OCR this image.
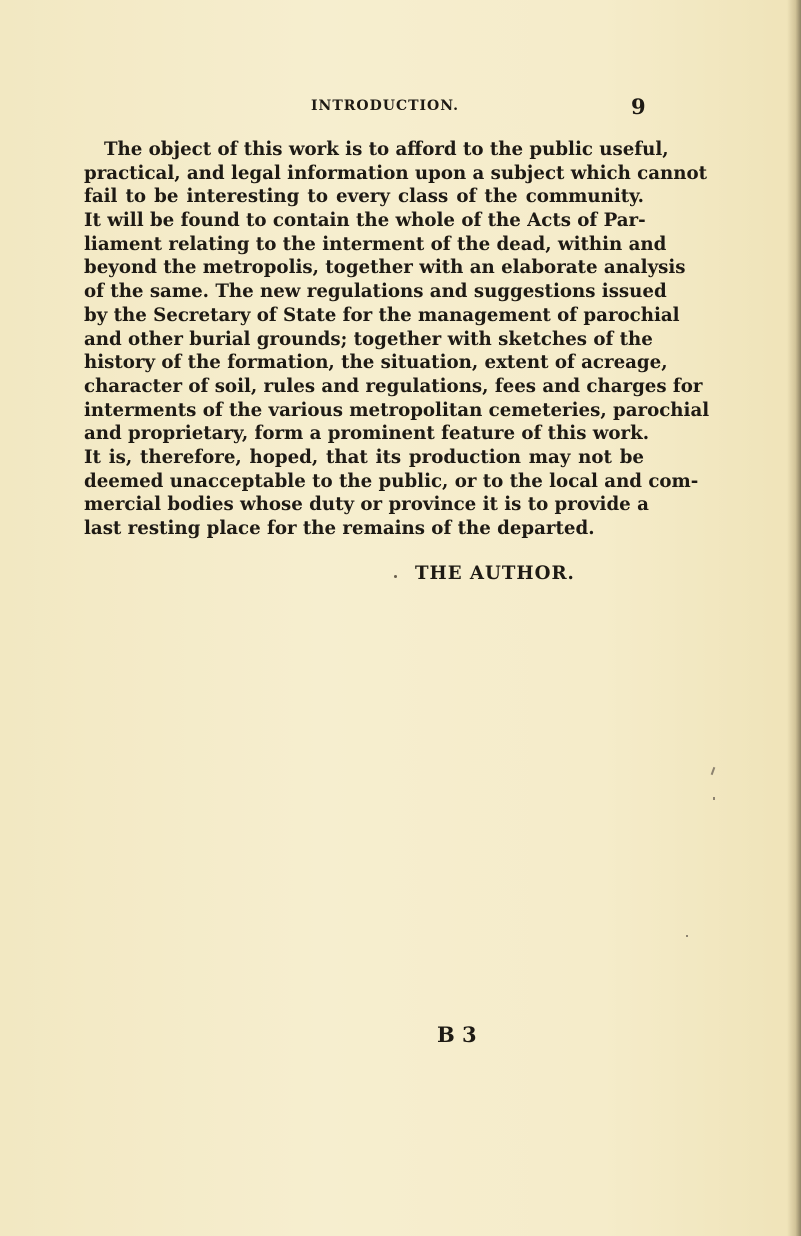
INTRODUCTION.	9
The object of this work is to afford to the public useful,
practical, and legal information upon a subject which cannot
fail to be interesting to every class of the community.
It will be found to contain the whole of the Acts of Par-
liament relating to the interment of the dead, within and
beyond the metropolis, together with an elaborate analysis
of the same. The new regulations and suggestions issued
by the Secretary of State for the management of parochial
and other burial grounds; together with sketches of the
history of the formation, the situation, extent of acreage,
character of soil, rules and regulations, fees and charges for
interments of the various metropolitan cemeteries, parochial
and proprietary, form a prominent feature of this work.
It is, therefore, hoped, that its production may not be
deemed unacceptable to the public, or to the local and com-
mercial bodies whose duty or province it is to provide a
last resting place for the remains of the departed.
THE AUTHOR.
B 3
